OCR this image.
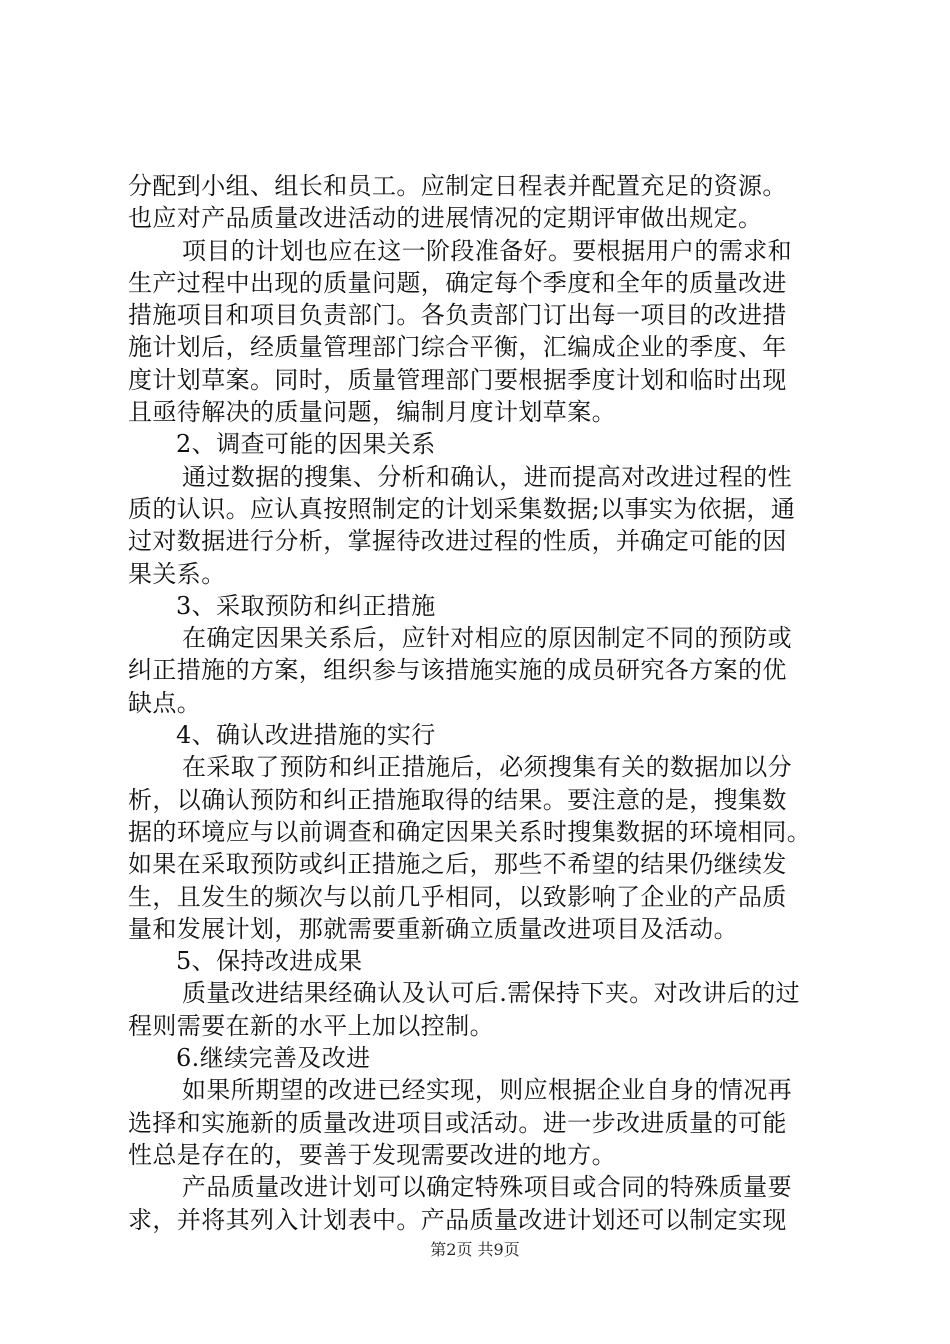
分配到小组、组长和员工。应制定日程表并配置充足的资源。
也应对产品质量改进活动的进展情况的定期评审做出规定。
项目的计划也应在这一阶段准备好。要根据用户的需求和
生产过程中出现的质量问题，确定每个季度和全年的质量改进
措施项目和项目负责部门。各负责部门订出每一项目的改进措
施计划后，经质量管理部门综合平衡，汇编成企业的季度、年
度计划草案。同时，质量管理部门要根据季度计划和临时出现
且亟待解决的质量问题，编制月度计划草案。
2、调查可能的因果关系
通过数据的搜集、分析和确认，进而提高对改进过程的性
质的认识。应认真按照制定的计划采集数据;以事实为依据，通
过对数据进行分析，掌握待改进过程的性质，并确定可能的因
果关系。
3、采取预防和纠正措施
在确定因果关系后，应针对相应的原因制定不同的预防或
纠正措施的方案，组织参与该措施实施的成员研究各方案的优
缺点。
4、确认改进措施的实行
在采取了预防和纠正措施后，必须搜集有关的数据加以分
析，以确认预防和纠正措施取得的结果。要注意的是，搜集数
据的环境应与以前调查和确定因果关系时搜集数据的环境相同。
如果在采取预防或纠正措施之后，那些不希望的结果仍继续发
生，且发生的频次与以前几乎相同，以致影响了企业的产品质
量和发展计划，那就需要重新确立质量改进项目及活动。
5、保持改进成果
质量改进结果经确认及认可后.需保持下夹。对改讲后的过
程则需要在新的水平上加以控制。
6.继续完善及改进
如果所期望的改进已经实现，则应根据企业自身的情况再
选择和实施新的质量改进项目或活动。进一步改进质量的可能
性总是存在的，要善于发现需要改进的地方。
产品质量改进计划可以确定特殊项目或合同的特殊质量要
求，并将其列入计划表中。产品质量改进计划还可以制定实现
第2页 共9页
